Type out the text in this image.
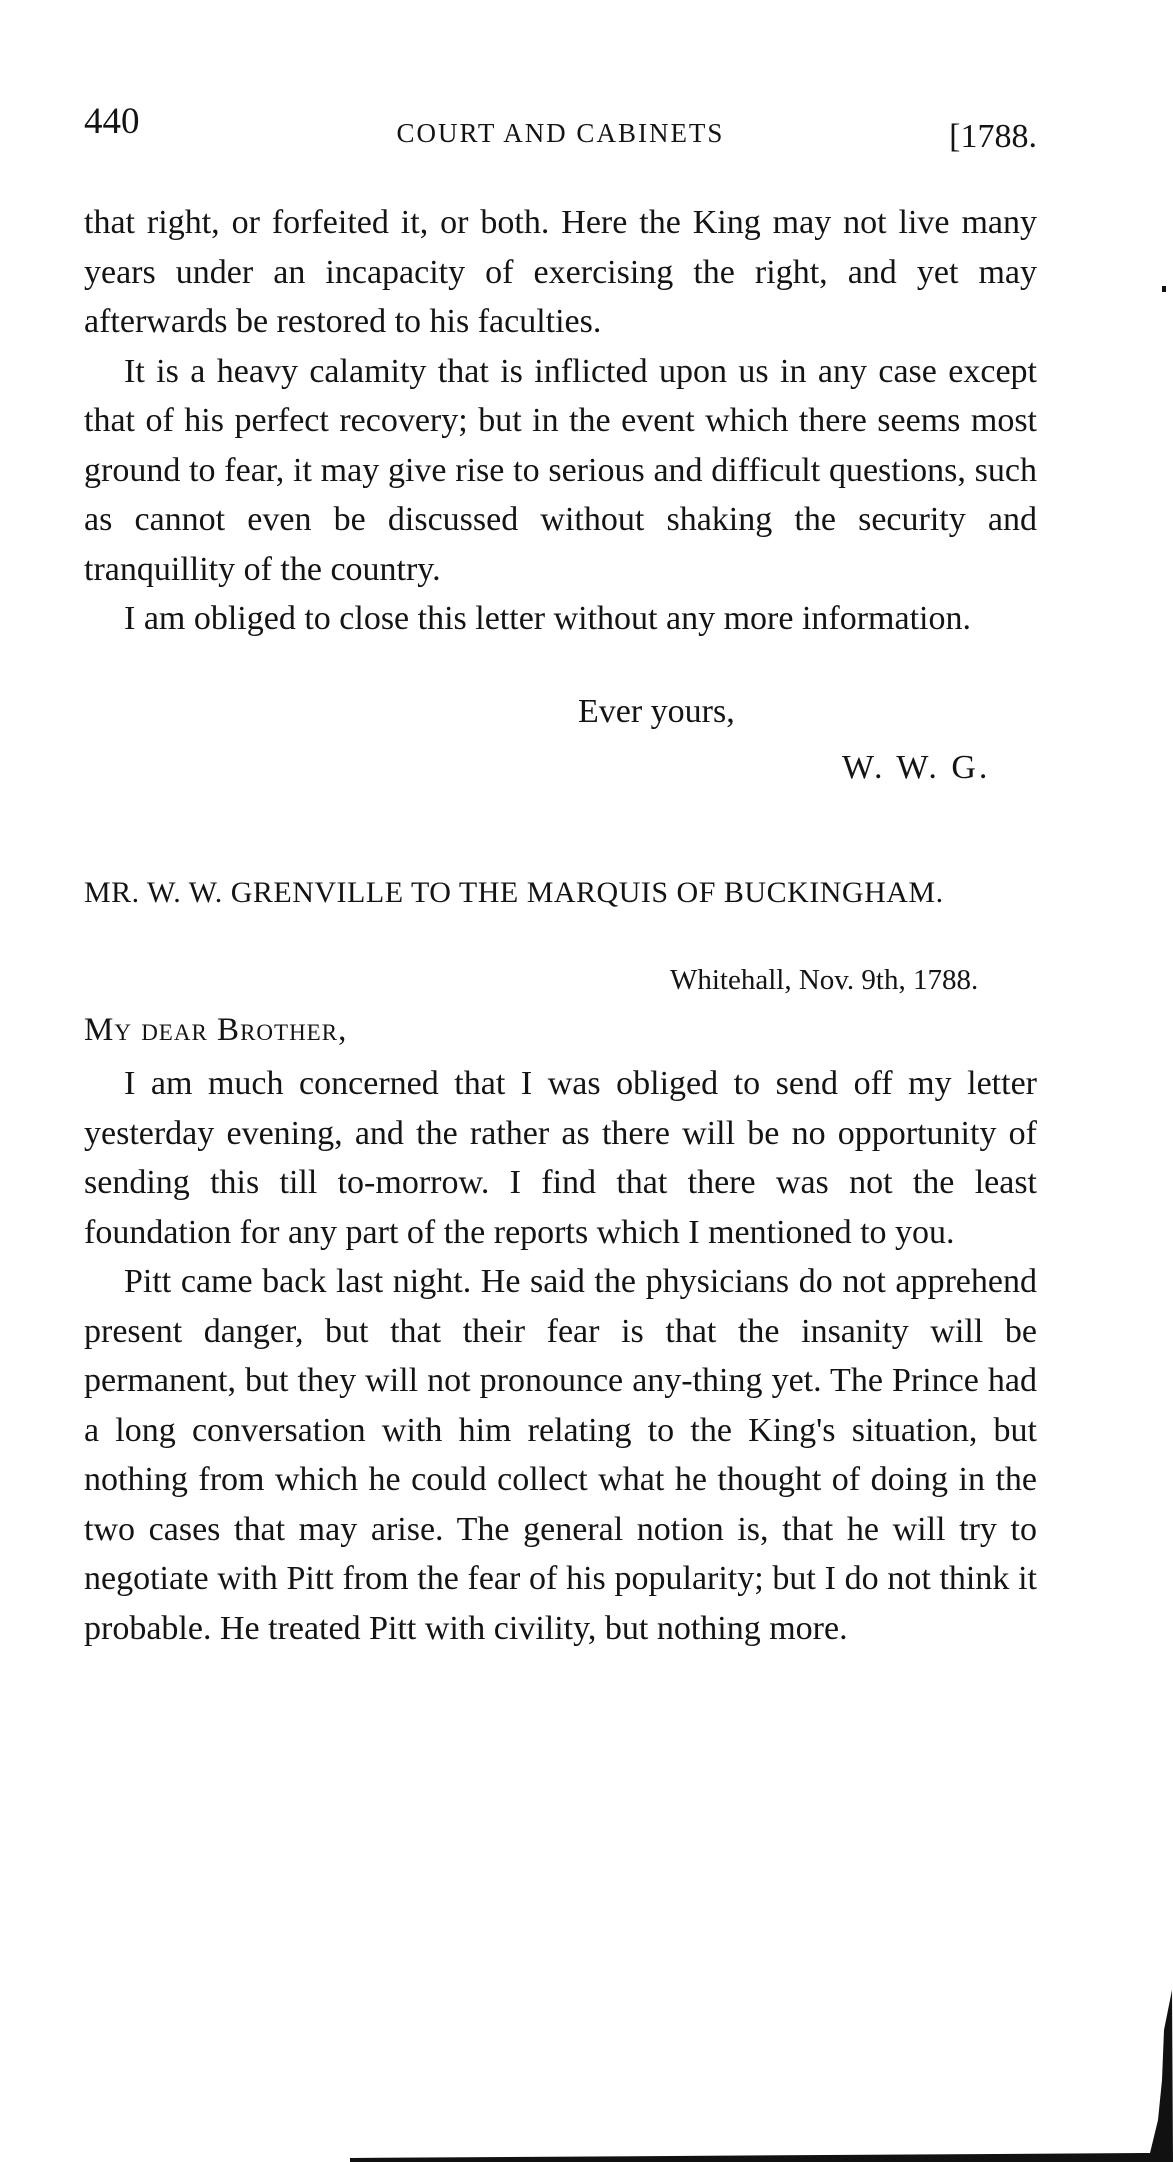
440	COURT AND CABINETS	[1788.

that right, or forfeited it, or both. Here the King may not live many years under an incapacity of exercising the right, and yet may afterwards be restored to his faculties.

It is a heavy calamity that is inflicted upon us in any case except that of his perfect recovery; but in the event which there seems most ground to fear, it may give rise to serious and difficult questions, such as cannot even be discussed without shaking the security and tranquillity of the country.

I am obliged to close this letter without any more information.

Ever yours,
W. W. G.
MR. W. W. GRENVILLE TO THE MARQUIS OF BUCKINGHAM.
Whitehall, Nov. 9th, 1788.
My dear Brother,

I am much concerned that I was obliged to send off my letter yesterday evening, and the rather as there will be no opportunity of sending this till to-morrow. I find that there was not the least foundation for any part of the reports which I mentioned to you.

Pitt came back last night. He said the physicians do not apprehend present danger, but that their fear is that the insanity will be permanent, but they will not pronounce any-thing yet. The Prince had a long conversation with him relating to the King's situation, but nothing from which he could collect what he thought of doing in the two cases that may arise. The general notion is, that he will try to negotiate with Pitt from the fear of his popularity; but I do not think it probable. He treated Pitt with civility, but nothing more.
